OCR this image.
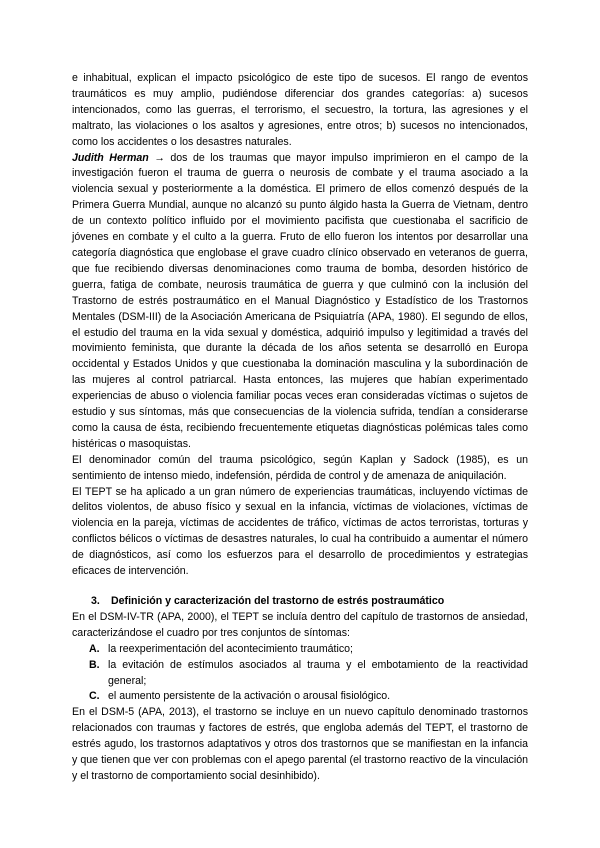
e inhabitual, explican el impacto psicológico de este tipo de sucesos. El rango de eventos traumáticos es muy amplio, pudiéndose diferenciar dos grandes categorías: a) sucesos intencionados, como las guerras, el terrorismo, el secuestro, la tortura, las agresiones y el maltrato, las violaciones o los asaltos y agresiones, entre otros; b) sucesos no intencionados, como los accidentes o los desastres naturales.

Judith Herman → dos de los traumas que mayor impulso imprimieron en el campo de la investigación fueron el trauma de guerra o neurosis de combate y el trauma asociado a la violencia sexual y posteriormente a la doméstica. El primero de ellos comenzó después de la Primera Guerra Mundial, aunque no alcanzó su punto álgido hasta la Guerra de Vietnam, dentro de un contexto político influido por el movimiento pacifista que cuestionaba el sacrificio de jóvenes en combate y el culto a la guerra. Fruto de ello fueron los intentos por desarrollar una categoría diagnóstica que englobase el grave cuadro clínico observado en veteranos de guerra, que fue recibiendo diversas denominaciones como trauma de bomba, desorden histórico de guerra, fatiga de combate, neurosis traumática de guerra y que culminó con la inclusión del Trastorno de estrés postraumático en el Manual Diagnóstico y Estadístico de los Trastornos Mentales (DSM-III) de la Asociación Americana de Psiquiatría (APA, 1980). El segundo de ellos, el estudio del trauma en la vida sexual y doméstica, adquirió impulso y legitimidad a través del movimiento feminista, que durante la década de los años setenta se desarrolló en Europa occidental y Estados Unidos y que cuestionaba la dominación masculina y la subordinación de las mujeres al control patriarcal. Hasta entonces, las mujeres que habían experimentado experiencias de abuso o violencia familiar pocas veces eran consideradas víctimas o sujetos de estudio y sus síntomas, más que consecuencias de la violencia sufrida, tendían a considerarse como la causa de ésta, recibiendo frecuentemente etiquetas diagnósticas polémicas tales como histéricas o masoquistas.

El denominador común del trauma psicológico, según Kaplan y Sadock (1985), es un sentimiento de intenso miedo, indefensión, pérdida de control y de amenaza de aniquilación.

El TEPT se ha aplicado a un gran número de experiencias traumáticas, incluyendo víctimas de delitos violentos, de abuso físico y sexual en la infancia, víctimas de violaciones, víctimas de violencia en la pareja, víctimas de accidentes de tráfico, víctimas de actos terroristas, torturas y conflictos bélicos o víctimas de desastres naturales, lo cual ha contribuido a aumentar el número de diagnósticos, así como los esfuerzos para el desarrollo de procedimientos y estrategias eficaces de intervención.

3.	Definición y caracterización del trastorno de estrés postraumático

En el DSM-IV-TR (APA, 2000), el TEPT se incluía dentro del capítulo de trastornos de ansiedad, caracterizándose el cuadro por tres conjuntos de síntomas:

A. la reexperimentación del acontecimiento traumático;
B. la evitación de estímulos asociados al trauma y el embotamiento de la reactividad general;
C. el aumento persistente de la activación o arousal fisiológico.

En el DSM-5 (APA, 2013), el trastorno se incluye en un nuevo capítulo denominado trastornos relacionados con traumas y factores de estrés, que engloba además del TEPT, el trastorno de estrés agudo, los trastornos adaptativos y otros dos trastornos que se manifiestan en la infancia y que tienen que ver con problemas con el apego parental (el trastorno reactivo de la vinculación y el trastorno de comportamiento social desinhibido).
